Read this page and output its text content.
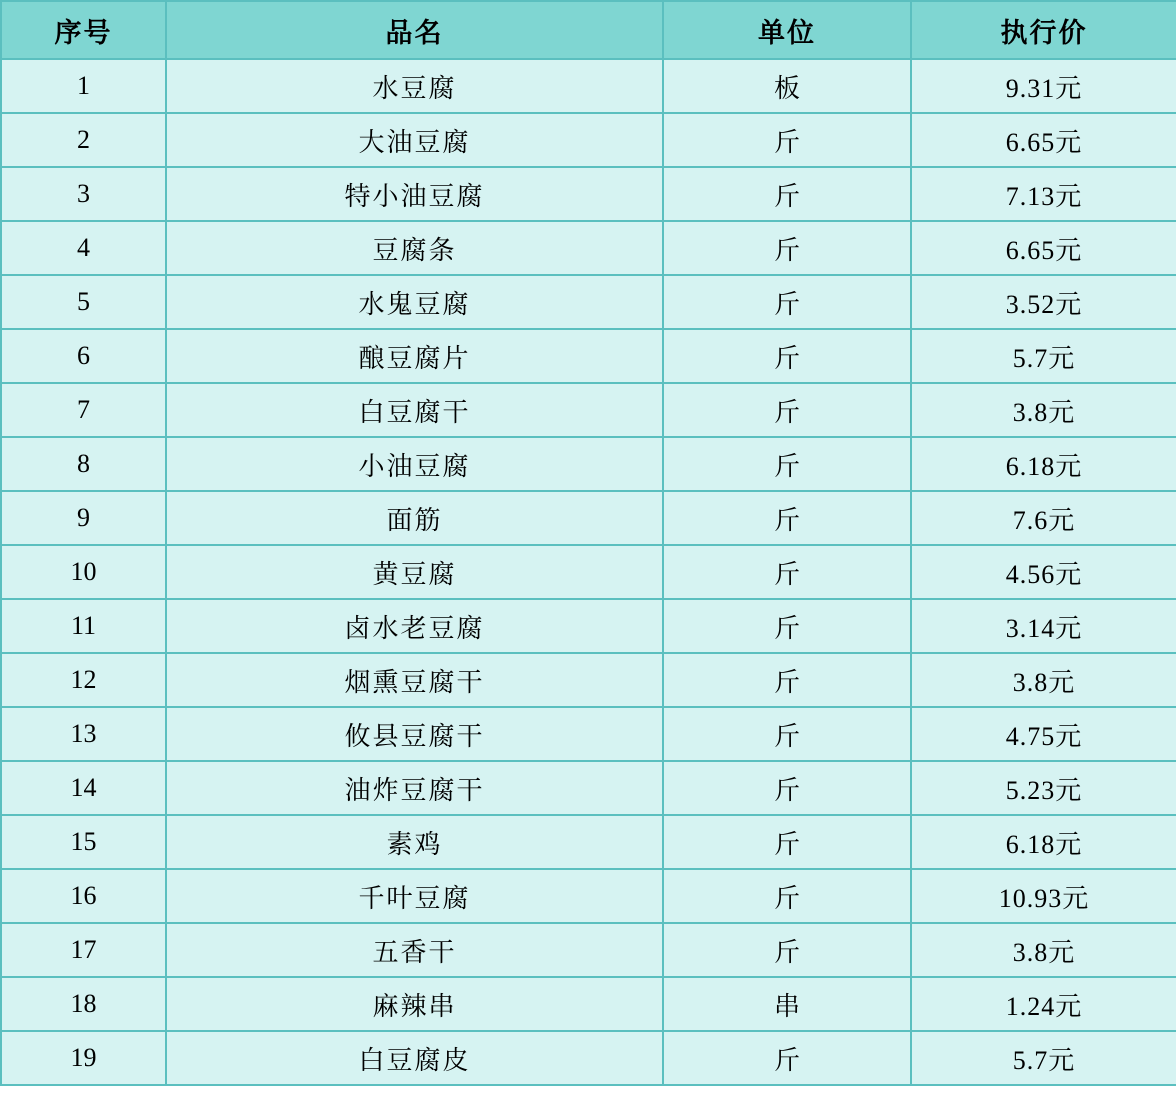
序号	品名	单位	执行价
1	水豆腐	板	9.31元
2	大油豆腐	斤	6.65元
3	特小油豆腐	斤	7.13元
4	豆腐条	斤	6.65元
5	水鬼豆腐	斤	3.52元
6	酿豆腐片	斤	5.7元
7	白豆腐干	斤	3.8元
8	小油豆腐	斤	6.18元
9	面筋	斤	7.6元
10	黄豆腐	斤	4.56元
11	卤水老豆腐	斤	3.14元
12	烟熏豆腐干	斤	3.8元
13	攸县豆腐干	斤	4.75元
14	油炸豆腐干	斤	5.23元
15	素鸡	斤	6.18元
16	千叶豆腐	斤	10.93元
17	五香干	斤	3.8元
18	麻辣串	串	1.24元
19	白豆腐皮	斤	5.7元
